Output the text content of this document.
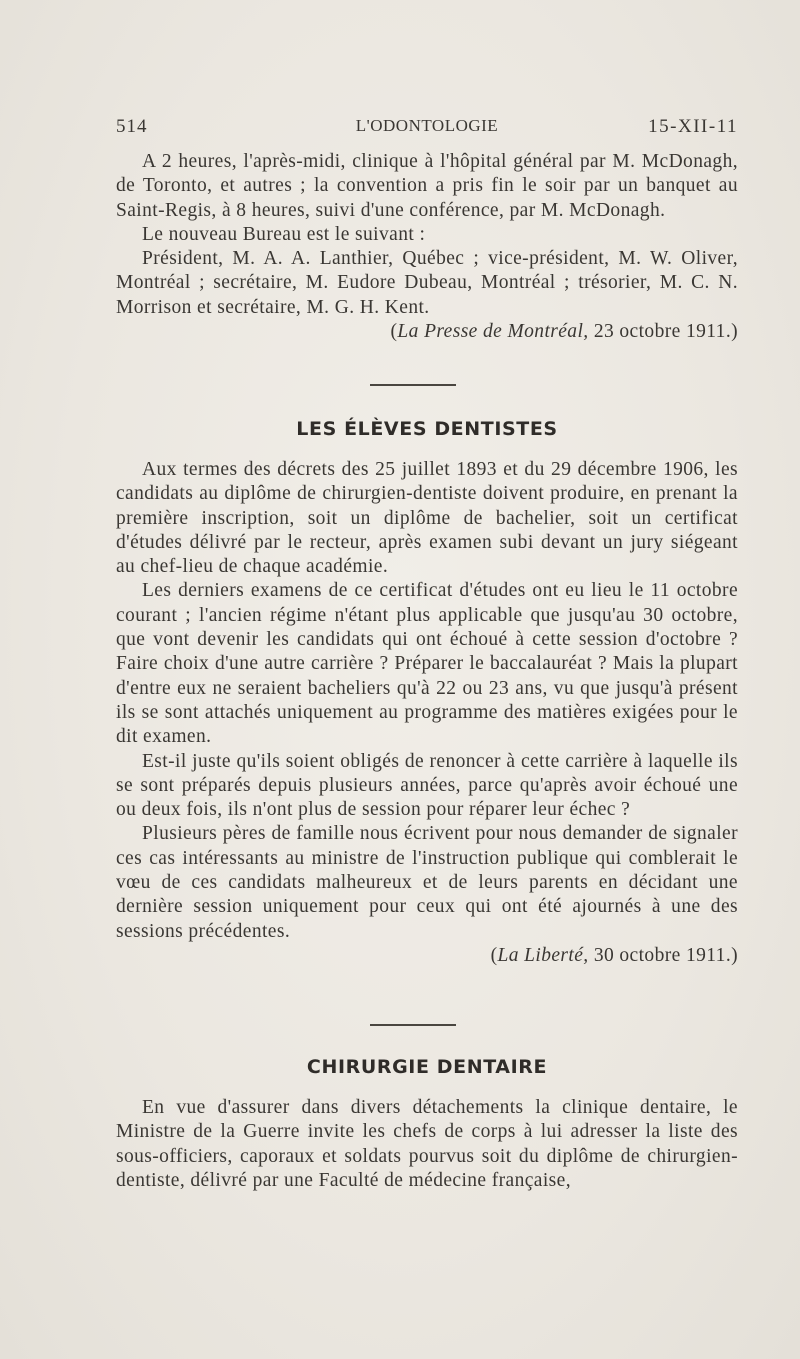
514	L'ODONTOLOGIE	15-XII-11

A 2 heures, l'après-midi, clinique à l'hôpital général par M. McDonagh, de Toronto, et autres ; la convention a pris fin le soir par un banquet au Saint-Regis, à 8 heures, suivi d'une conférence, par M. McDonagh.

Le nouveau Bureau est le suivant :

Président, M. A. A. Lanthier, Québec ; vice-président, M. W. Oliver, Montréal ; secrétaire, M. Eudore Dubeau, Montréal ; trésorier, M. C. N. Morrison et secrétaire, M. G. H. Kent.

(La Presse de Montréal, 23 octobre 1911.)

LES ÉLÈVES DENTISTES

Aux termes des décrets des 25 juillet 1893 et du 29 décembre 1906, les candidats au diplôme de chirurgien-dentiste doivent produire, en prenant la première inscription, soit un diplôme de bachelier, soit un certificat d'études délivré par le recteur, après examen subi devant un jury siégeant au chef-lieu de chaque académie.

Les derniers examens de ce certificat d'études ont eu lieu le 11 octobre courant ; l'ancien régime n'étant plus applicable que jusqu'au 30 octobre, que vont devenir les candidats qui ont échoué à cette session d'octobre ? Faire choix d'une autre carrière ? Préparer le baccalauréat ? Mais la plupart d'entre eux ne seraient bacheliers qu'à 22 ou 23 ans, vu que jusqu'à présent ils se sont attachés uniquement au programme des matières exigées pour le dit examen.

Est-il juste qu'ils soient obligés de renoncer à cette carrière à laquelle ils se sont préparés depuis plusieurs années, parce qu'après avoir échoué une ou deux fois, ils n'ont plus de session pour réparer leur échec ?

Plusieurs pères de famille nous écrivent pour nous demander de signaler ces cas intéressants au ministre de l'instruction publique qui comblerait le vœu de ces candidats malheureux et de leurs parents en décidant une dernière session uniquement pour ceux qui ont été ajournés à une des sessions précédentes.

(La Liberté, 30 octobre 1911.)

CHIRURGIE DENTAIRE

En vue d'assurer dans divers détachements la clinique dentaire, le Ministre de la Guerre invite les chefs de corps à lui adresser la liste des sous-officiers, caporaux et soldats pourvus soit du diplôme de chirurgien-dentiste, délivré par une Faculté de médecine française,
